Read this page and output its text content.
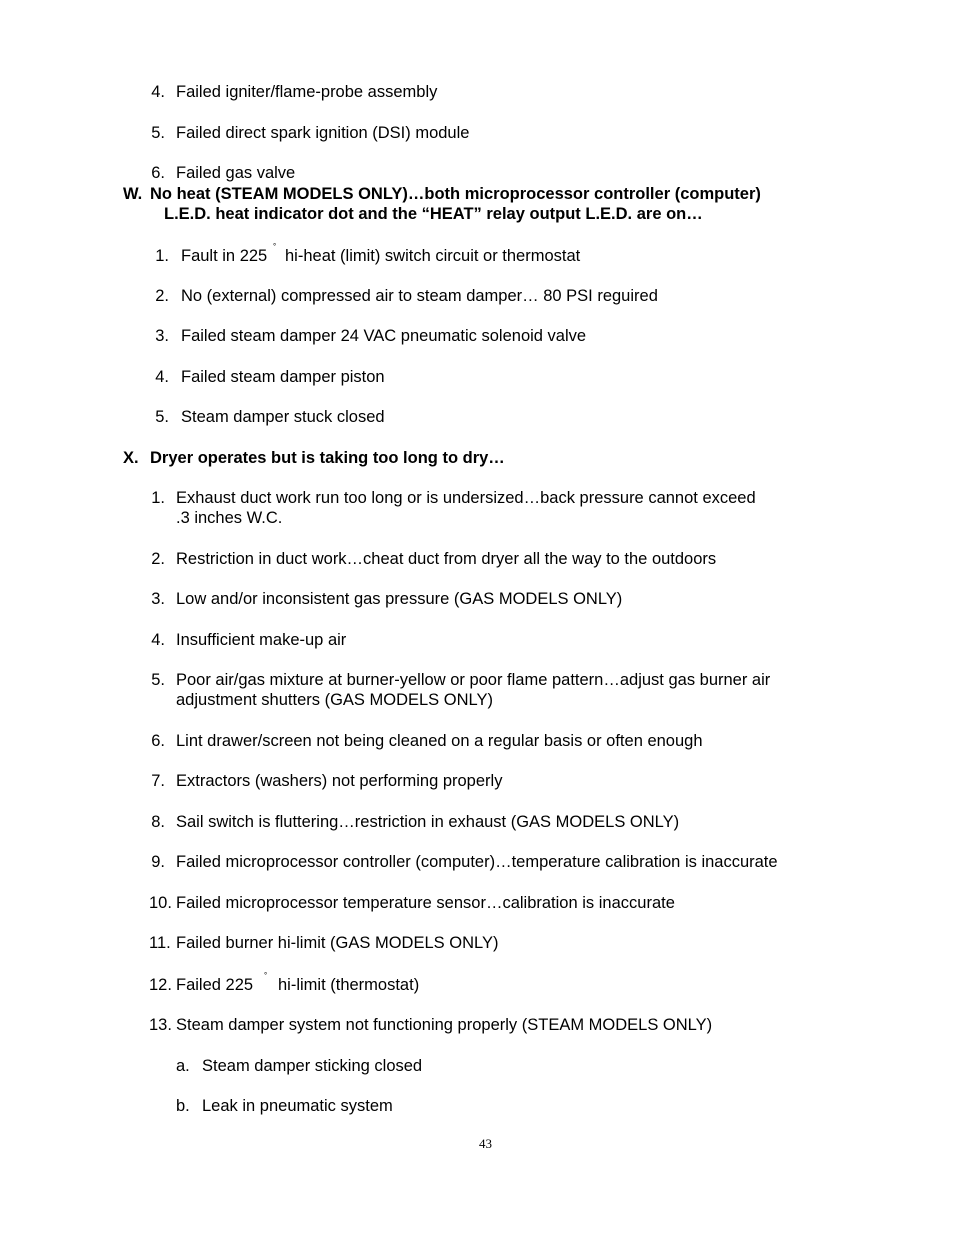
4. Failed igniter/flame-probe assembly
5. Failed direct spark ignition (DSI) module
6. Failed gas valve
W. No heat (STEAM MODELS ONLY)…both microprocessor controller (computer)
L.E.D. heat indicator dot and the “HEAT” relay output L.E.D. are on…
1. Fault in 225
°
hi-heat (limit) switch circuit or thermostat
2. No (external) compressed air to steam damper… 80 PSI reguired
3. Failed steam damper 24 VAC pneumatic solenoid valve
4. Failed steam damper piston
5. Steam damper stuck closed
X. Dryer operates but is taking too long to dry…
1. Exhaust duct work run too long or is undersized…back pressure cannot exceed
.3 inches W.C.
2. Restriction in duct work…cheat duct from dryer all the way to the outdoors
3. Low and/or inconsistent gas pressure (GAS MODELS ONLY)
4. Insufficient make-up air
5. Poor air/gas mixture at burner-yellow or poor flame pattern…adjust gas burner air
adjustment shutters (GAS MODELS ONLY)
6. Lint drawer/screen not being cleaned on a regular basis or often enough
7. Extractors (washers) not performing properly
8. Sail switch is fluttering…restriction in exhaust (GAS MODELS ONLY)
9. Failed microprocessor controller (computer)…temperature calibration is inaccurate
10. Failed microprocessor temperature sensor…calibration is inaccurate
11. Failed burner hi-limit (GAS MODELS ONLY)
12. Failed 225
°
hi-limit (thermostat)
13. Steam damper system not functioning properly (STEAM MODELS ONLY)
a. Steam damper sticking closed
b. Leak in pneumatic system
43
